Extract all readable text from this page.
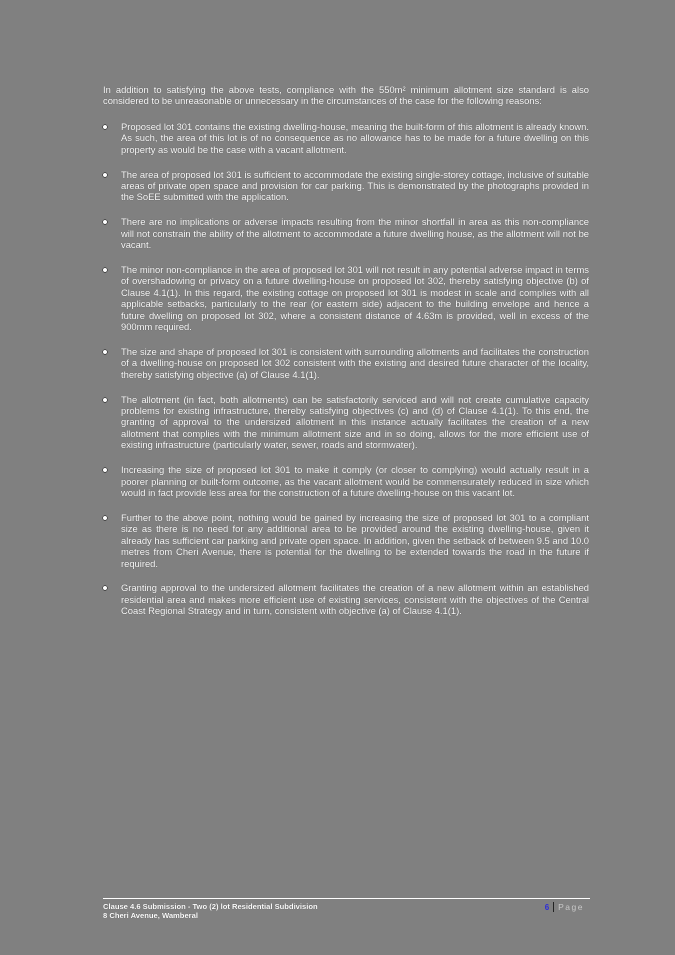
In addition to satisfying the above tests, compliance with the 550m² minimum allotment size standard is also considered to be unreasonable or unnecessary in the circumstances of the case for the following reasons:

Proposed lot 301 contains the existing dwelling-house, meaning the built-form of this allotment is already known. As such, the area of this lot is of no consequence as no allowance has to be made for a future dwelling on this property as would be the case with a vacant allotment.
The area of proposed lot 301 is sufficient to accommodate the existing single-storey cottage, inclusive of suitable areas of private open space and provision for car parking. This is demonstrated by the photographs provided in the SoEE submitted with the application.
There are no implications or adverse impacts resulting from the minor shortfall in area as this non-compliance will not constrain the ability of the allotment to accommodate a future dwelling house, as the allotment will not be vacant.
The minor non-compliance in the area of proposed lot 301 will not result in any potential adverse impact in terms of overshadowing or privacy on a future dwelling-house on proposed lot 302, thereby satisfying objective (b) of Clause 4.1(1). In this regard, the existing cottage on proposed lot 301 is modest in scale and complies with all applicable setbacks, particularly to the rear (or eastern side) adjacent to the building envelope and hence a future dwelling on proposed lot 302, where a consistent distance of 4.63m is provided, well in excess of the 900mm required.
The size and shape of proposed lot 301 is consistent with surrounding allotments and facilitates the construction of a dwelling-house on proposed lot 302 consistent with the existing and desired future character of the locality, thereby satisfying objective (a) of Clause 4.1(1).
The allotment (in fact, both allotments) can be satisfactorily serviced and will not create cumulative capacity problems for existing infrastructure, thereby satisfying objectives (c) and (d) of Clause 4.1(1). To this end, the granting of approval to the undersized allotment in this instance actually facilitates the creation of a new allotment that complies with the minimum allotment size and in so doing, allows for the more efficient use of existing infrastructure (particularly water, sewer, roads and stormwater).
Increasing the size of proposed lot 301 to make it comply (or closer to complying) would actually result in a poorer planning or built-form outcome, as the vacant allotment would be commensurately reduced in size which would in fact provide less area for the construction of a future dwelling-house on this vacant lot.
Further to the above point, nothing would be gained by increasing the size of proposed lot 301 to a compliant size as there is no need for any additional area to be provided around the existing dwelling-house, given it already has sufficient car parking and private open space. In addition, given the setback of between 9.5 and 10.0 metres from Cheri Avenue, there is potential for the dwelling to be extended towards the road in the future if required.
Granting approval to the undersized allotment facilitates the creation of a new allotment within an established residential area and makes more efficient use of existing services, consistent with the objectives of the Central Coast Regional Strategy and in turn, consistent with objective (a) of Clause 4.1(1).
Clause 4.6 Submission - Two (2) lot Residential Subdivision
8 Cheri Avenue, Wamberal
6 Page
